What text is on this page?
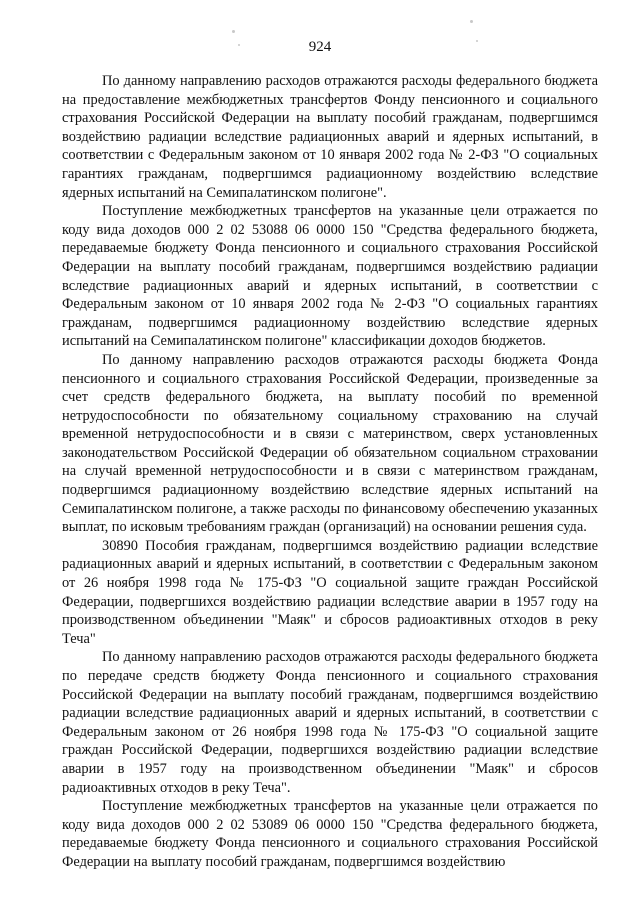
924

По данному направлению расходов отражаются расходы федерального бюджета на предоставление межбюджетных трансфертов Фонду пенсионного и социального страхования Российской Федерации на выплату пособий гражданам, подвергшимся воздействию радиации вследствие радиационных аварий и ядерных испытаний, в соответствии с Федеральным законом от 10 января 2002 года № 2-ФЗ "О социальных гарантиях гражданам, подвергшимся радиационному воздействию вследствие ядерных испытаний на Семипалатинском полигоне".

Поступление межбюджетных трансфертов на указанные цели отражается по коду вида доходов 000 2 02 53088 06 0000 150 "Средства федерального бюджета, передаваемые бюджету Фонда пенсионного и социального страхования Российской Федерации на выплату пособий гражданам, подвергшимся воздействию радиации вследствие радиационных аварий и ядерных испытаний, в соответствии с Федеральным законом от 10 января 2002 года № 2-ФЗ "О социальных гарантиях гражданам, подвергшимся радиационному воздействию вследствие ядерных испытаний на Семипалатинском полигоне" классификации доходов бюджетов.

По данному направлению расходов отражаются расходы бюджета Фонда пенсионного и социального страхования Российской Федерации, произведенные за счет средств федерального бюджета, на выплату пособий по временной нетрудоспособности по обязательному социальному страхованию на случай временной нетрудоспособности и в связи с материнством, сверх установленных законодательством Российской Федерации об обязательном социальном страховании на случай временной нетрудоспособности и в связи с материнством гражданам, подвергшимся радиационному воздействию вследствие ядерных испытаний на Семипалатинском полигоне, а также расходы по финансовому обеспечению указанных выплат, по исковым требованиям граждан (организаций) на основании решения суда.

30890 Пособия гражданам, подвергшимся воздействию радиации вследствие радиационных аварий и ядерных испытаний, в соответствии с Федеральным законом от 26 ноября 1998 года № 175-ФЗ "О социальной защите граждан Российской Федерации, подвергшихся воздействию радиации вследствие аварии в 1957 году на производственном объединении "Маяк" и сбросов радиоактивных отходов в реку Теча"

По данному направлению расходов отражаются расходы федерального бюджета по передаче средств бюджету Фонда пенсионного и социального страхования Российской Федерации на выплату пособий гражданам, подвергшимся воздействию радиации вследствие радиационных аварий и ядерных испытаний, в соответствии с Федеральным законом от 26 ноября 1998 года № 175-ФЗ "О социальной защите граждан Российской Федерации, подвергшихся воздействию радиации вследствие аварии в 1957 году на производственном объединении "Маяк" и сбросов радиоактивных отходов в реку Теча".

Поступление межбюджетных трансфертов на указанные цели отражается по коду вида доходов 000 2 02 53089 06 0000 150 "Средства федерального бюджета, передаваемые бюджету Фонда пенсионного и социального страхования Российской Федерации на выплату пособий гражданам, подвергшимся воздействию
